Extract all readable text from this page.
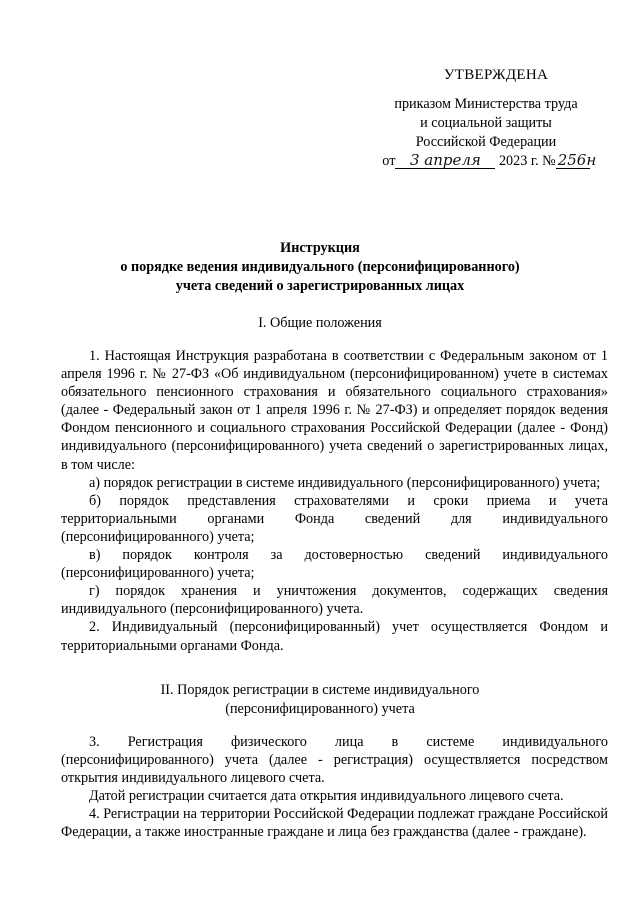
УТВЕРЖДЕНА
приказом Министерства труда
и социальной защиты
Российской Федерации
от 3 апреля 2023 г. № 256н
Инструкция
о порядке ведения индивидуального (персонифицированного)
учета сведений о зарегистрированных лицах
I. Общие положения

1. Настоящая Инструкция разработана в соответствии с Федеральным законом от 1 апреля 1996 г. № 27-ФЗ «Об индивидуальном (персонифицированном) учете в системах обязательного пенсионного страхования и обязательного социального страхования» (далее - Федеральный закон от 1 апреля 1996 г. № 27-ФЗ) и определяет порядок ведения Фондом пенсионного и социального страхования Российской Федерации (далее - Фонд) индивидуального (персонифицированного) учета сведений о зарегистрированных лицах, в том числе:

а) порядок регистрации в системе индивидуального (персонифицированного) учета;

б) порядок представления страхователями и сроки приема и учета территориальными органами Фонда сведений для индивидуального (персонифицированного) учета;

в) порядок контроля за достоверностью сведений индивидуального (персонифицированного) учета;

г) порядок хранения и уничтожения документов, содержащих сведения индивидуального (персонифицированного) учета.

2. Индивидуальный (персонифицированный) учет осуществляется Фондом и территориальными органами Фонда.

II. Порядок регистрации в системе индивидуального
(персонифицированного) учета

3. Регистрация физического лица в системе индивидуального (персонифицированного) учета (далее - регистрация) осуществляется посредством открытия индивидуального лицевого счета.

Датой регистрации считается дата открытия индивидуального лицевого счета.

4. Регистрации на территории Российской Федерации подлежат граждане Российской Федерации, а также иностранные граждане и лица без гражданства (далее - граждане).
